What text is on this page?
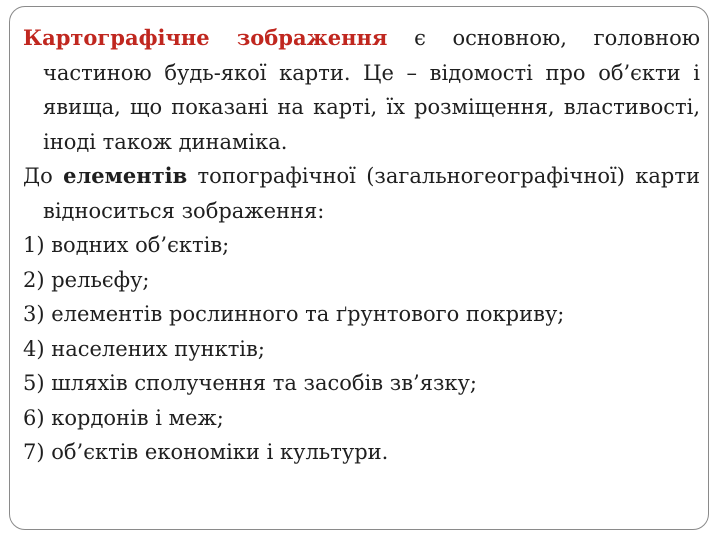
Картографічне зображення є основною, головною частиною будь-якої карти. Це – відомості про об’єкти і явища, що показані на карті, їх розміщення, властивості, іноді також динаміка.
До елементів топографічної (загальногеографічної) карти відноситься зображення:
1) водних об’єктів;
2) рельєфу;
3) елементів рослинного та ґрунтового покриву;
4) населених пунктів;
5) шляхів сполучення та засобів зв’язку;
6) кордонів і меж;
7) об’єктів економіки і культури.
